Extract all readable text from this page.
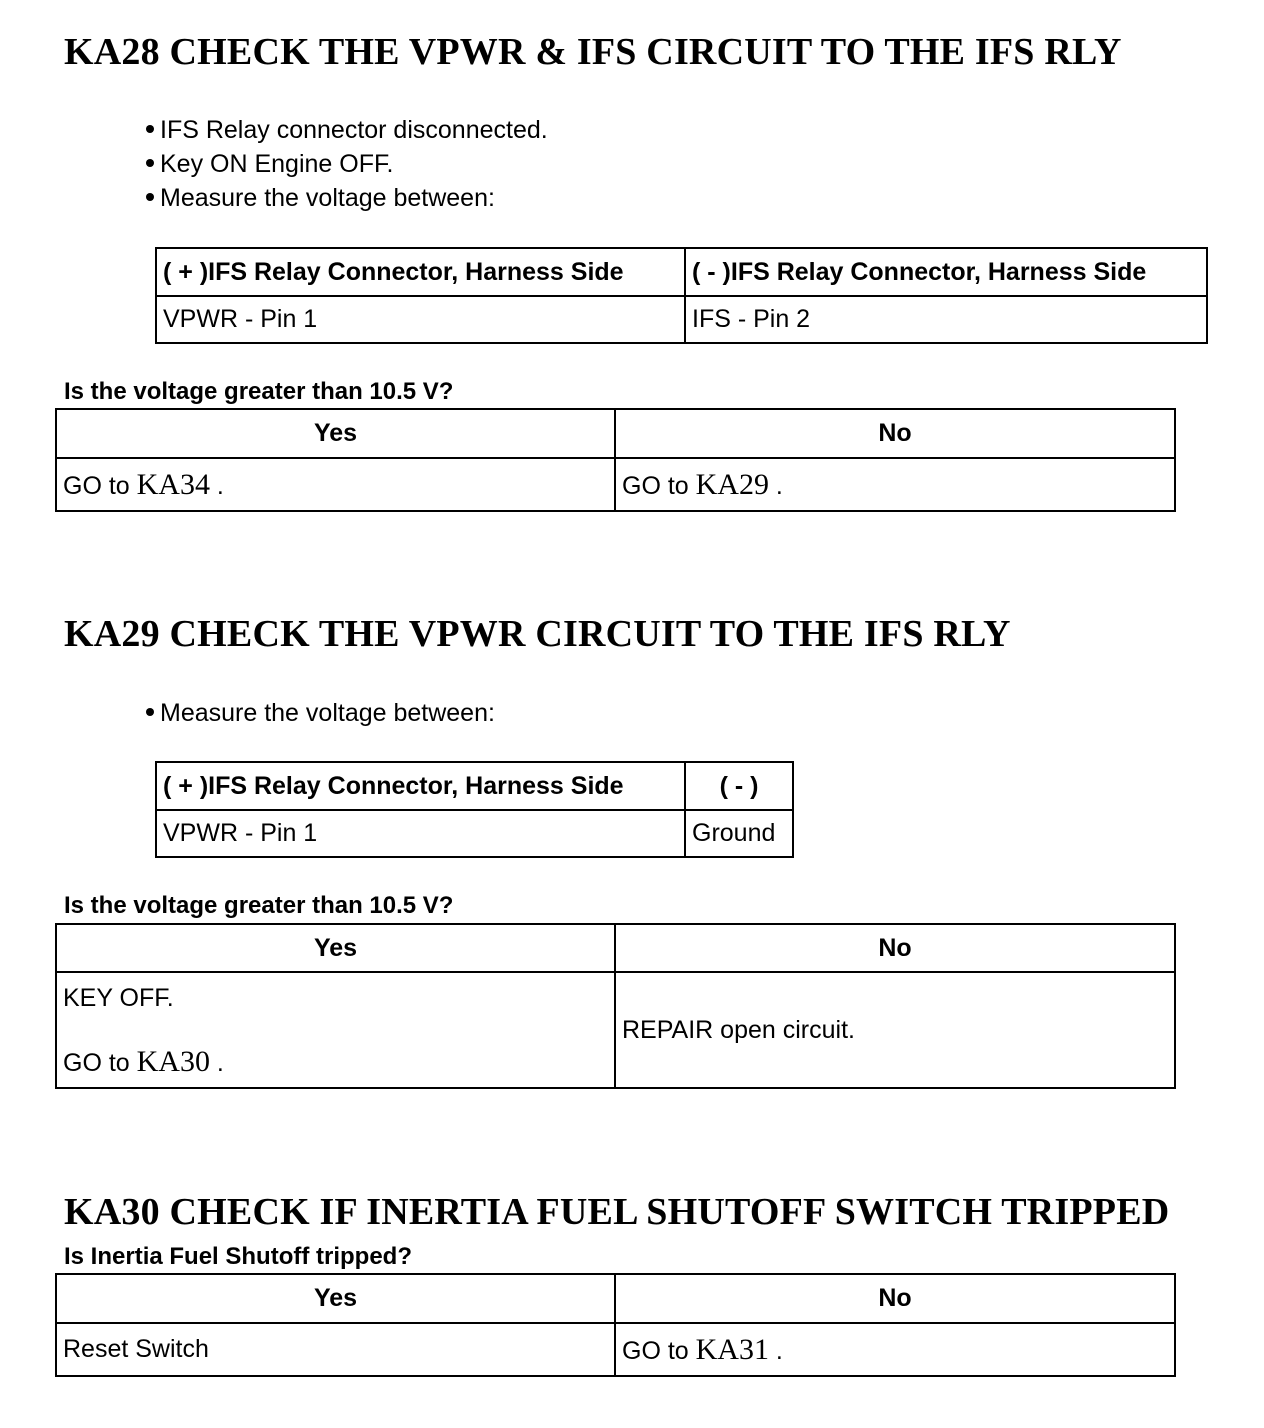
KA28 CHECK THE VPWR & IFS CIRCUIT TO THE IFS RLY
IFS Relay connector disconnected.
Key ON Engine OFF.
Measure the voltage between:
( + )IFS Relay Connector, Harness Side	( - )IFS Relay Connector, Harness Side
VPWR - Pin 1	IFS - Pin 2
Is the voltage greater than 10.5 V?
Yes	No
GO to KA34 .	GO to KA29 .
KA29 CHECK THE VPWR CIRCUIT TO THE IFS RLY
Measure the voltage between:
( + )IFS Relay Connector, Harness Side	( - )
VPWR - Pin 1	Ground
Is the voltage greater than 10.5 V?
Yes	No

KEY OFF.
GO to KA30 .	REPAIR open circuit.
KA30 CHECK IF INERTIA FUEL SHUTOFF SWITCH TRIPPED
Is Inertia Fuel Shutoff tripped?
Yes	No
Reset Switch	GO to KA31 .
